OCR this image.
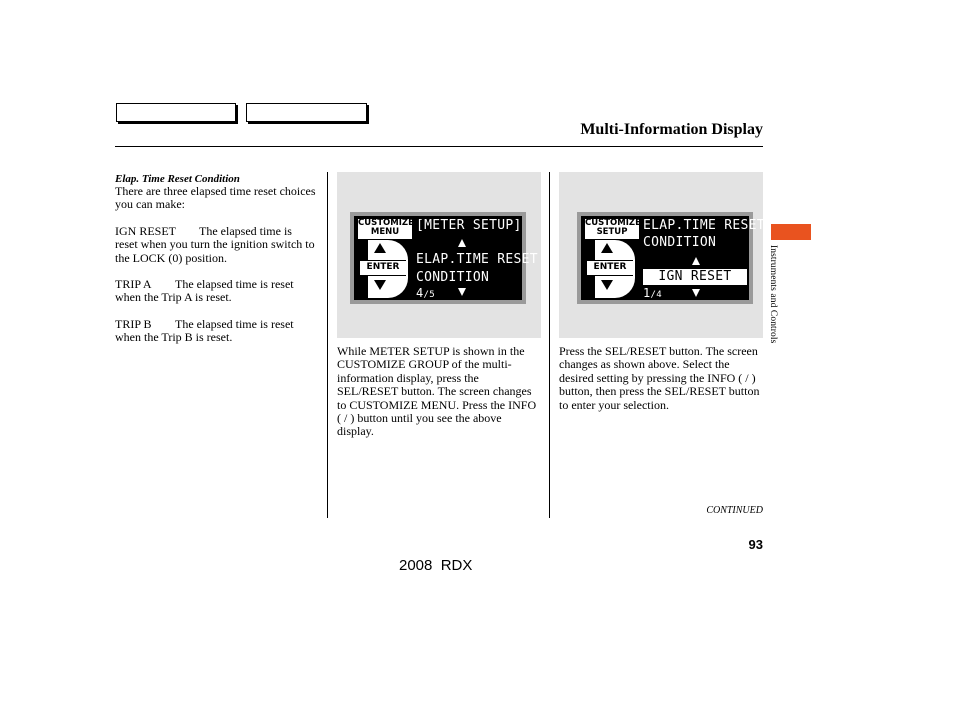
Multi-Information Display
Elap. Time Reset Condition
There are three elapsed time reset choices you can make:
IGN RESET The elapsed time is
reset when you turn the ignition switch to the LOCK (0) position.
TRIP A The elapsed time is reset
when the Trip A is reset.
TRIP B The elapsed time is reset
when the Trip B is reset.
CUSTOMIZE
MENU
ENTER
[METER SETUP]
ELAP.TIME RESET
CONDITION
4/5
CUSTOMIZE
SETUP
ENTER
ELAP.TIME RESET
CONDITION
IGN RESET
1/4
While METER SETUP is shown in the CUSTOMIZE GROUP of the multi-information display, press the SEL/RESET button. The screen changes to CUSTOMIZE MENU. Press the INFO ( / ) button until you see the above display.
Press the SEL/RESET button. The screen changes as shown above. Select the desired setting by pressing the INFO ( / ) button, then press the SEL/RESET button to enter your selection.
Instruments and Controls
CONTINUED
93
2008  RDX
